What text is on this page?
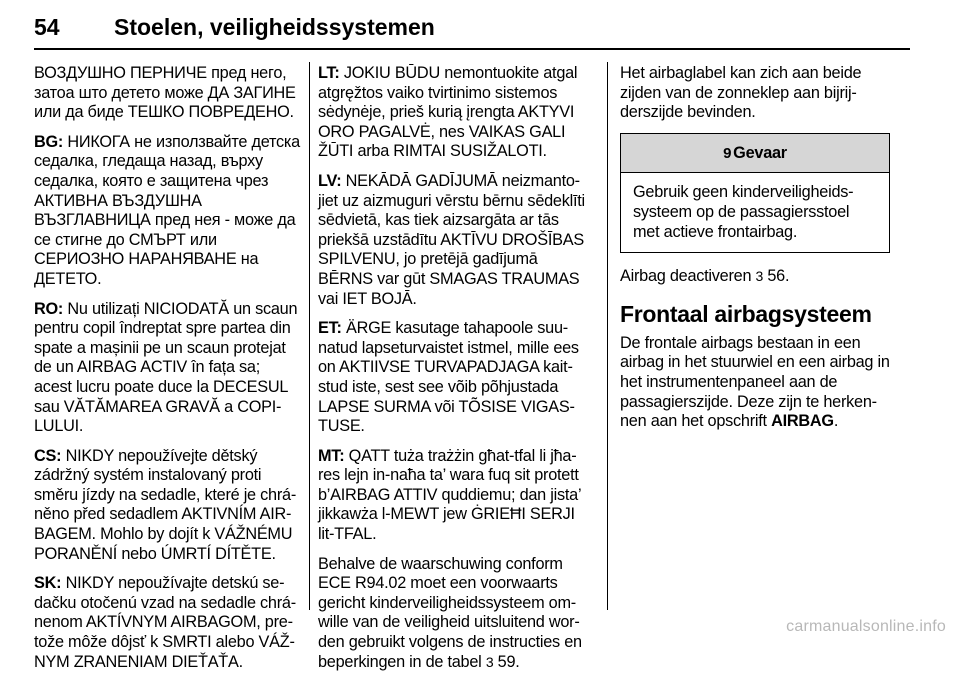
54 Stoelen, veiligheidssystemen

ВОЗДУШНО ПЕРНИЧЕ пред него, затоа што детето може ДА ЗАГИНЕ или да биде ТЕШКО ПОВРЕДЕНО.

BG: НИКОГА не използвайте детска седалка, гледаща назад, върху седалка, която е защитена чрез АКТИВНА ВЪЗДУШНА ВЪЗГЛАВНИЦА пред нея - може да се стигне до СМЪРТ или СЕРИОЗНО НАРАНЯВАНЕ на ДЕТЕТО.

RO: Nu utilizați NICIODATĂ un scaun pentru copil îndreptat spre partea din spate a mașinii pe un scaun protejat de un AIRBAG ACTIV în fața sa; acest lucru poate duce la DECESUL sau VĂTĂMAREA GRAVĂ a COPILULUI.

CS: NIKDY nepoužívejte dětský zádržný systém instalovaný proti směru jízdy na sedadle, které je chráněno před sedadlem AKTIVNÍM AIRBAGEM. Mohlo by dojít k VÁŽNÉMU PORANĚNÍ nebo ÚMRTÍ DÍTĚTE.

SK: NIKDY nepoužívajte detskú sedačku otočenú vzad na sedadle chránenom AKTÍVNYM AIRBAGOM, pretože môže dôjsť k SMRTI alebo VÁŽNYM ZRANENIAM DIEŤAŤA.

LT: JOKIU BŪDU nemontuokite atgal atgręžtos vaiko tvirtinimo sistemos sėdynėje, prieš kurią įrengta AKTYVI ORO PAGALVĖ, nes VAIKAS GALI ŽŪTI arba RIMTAI SUSIŽALOTI.

LV: NEKĀDĀ GADĪJUMĀ neizmantojiet uz aizmuguri vērstu bērnu sēdeklīti sēdvietā, kas tiek aizsargāta ar tās priekšā uzstādītu AKTĪVU DROŠĪBAS SPILVENU, jo pretējā gadījumā BĒRNS var gūt SMAGAS TRAUMAS vai IET BOJĀ.

ET: ÄRGE kasutage tahapoole suunatud lapseturvaistet istmel, mille ees on AKTIIVSE TURVAPADJAGA kaitstud iste, sest see võib põhjustada LAPSE SURMA või TÕSISE VIGASTUSE.

MT: QATT tuża trażżin għat-tfal li jħares lejn in-naħa ta’ wara fuq sit protett b’AIRBAG ATTIV quddiemu; dan jista’ jikkawża l-MEWT jew ĠRIEĦI SERJI lit-TFAL.

Behalve de waarschuwing conform ECE R94.02 moet een voorwaarts gericht kinderveiligheidssysteem omwille van de veiligheid uitsluitend worden gebruikt volgens de instructies en beperkingen in de tabel 3 59.

Het airbaglabel kan zich aan beide zijden van de zonneklep aan bijrijderszijde bevinden.

9 Gevaar
Gebruik geen kinderveiligheidssysteem op de passagiersstoel met actieve frontairbag.

Airbag deactiveren 3 56.

Frontaal airbagsysteem

De frontale airbags bestaan in een airbag in het stuurwiel en een airbag in het instrumentenpaneel aan de passagierszijde. Deze zijn te herkennen aan het opschrift AIRBAG.

carmanualsonline.info
